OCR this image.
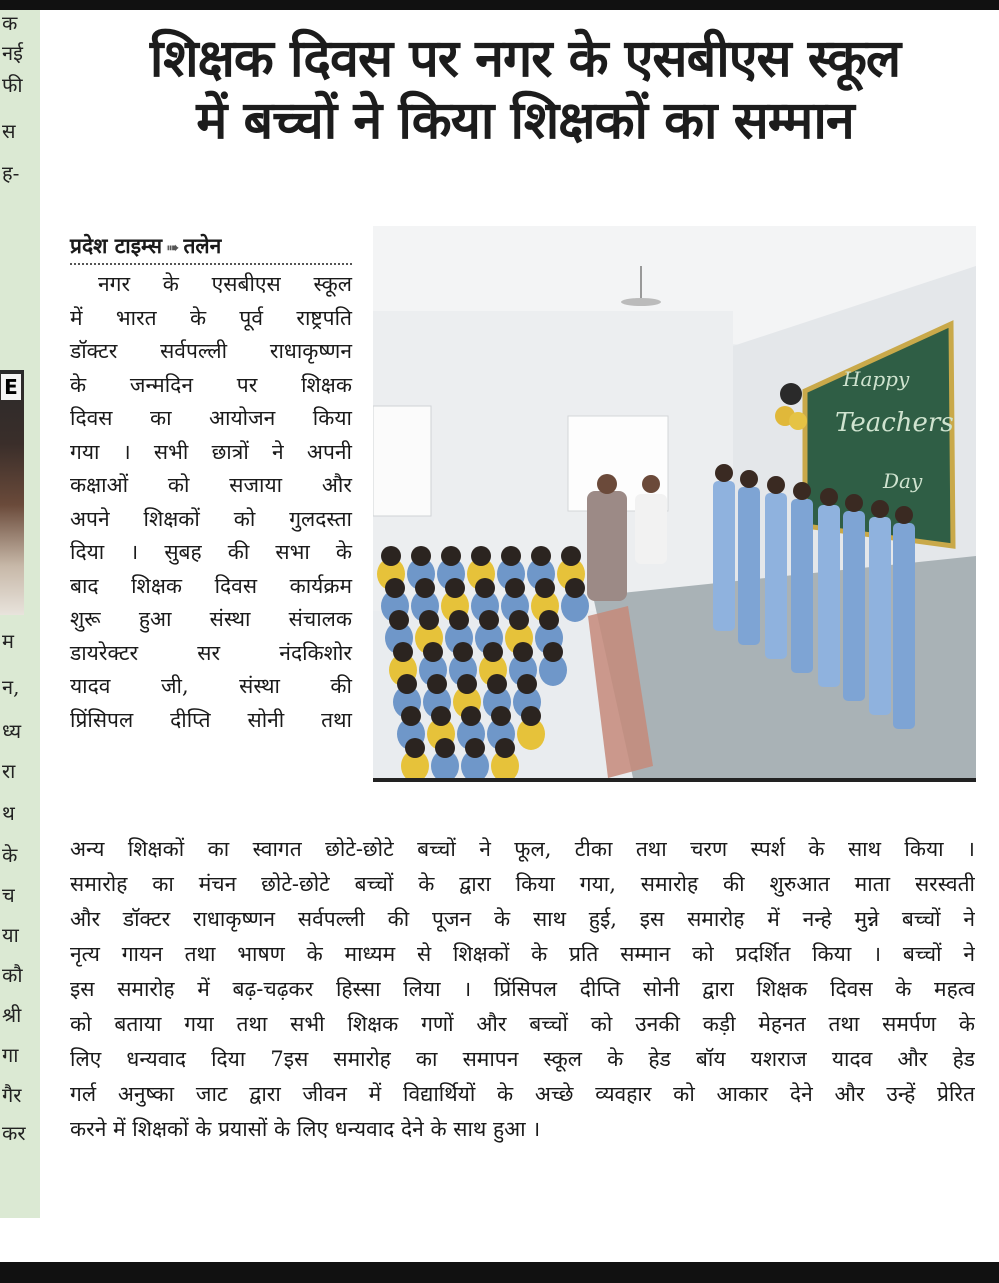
क
नई
फी
स
ह-
म
न,
ध्य
रा
थ
के
च
या
कौ
श्री
गा
गैर
कर
E
शिक्षक दिवस पर नगर के एसबीएस स्कूल
में बच्चों ने किया शिक्षकों का सम्मान
प्रदेश टाइम्स ➠ तलेन
नगर के एसबीएस स्कूल
में भारत के पूर्व राष्ट्रपति
डॉक्टर सर्वपल्ली राधाकृष्णन
के जन्मदिन पर शिक्षक
दिवस का आयोजन किया
गया । सभी छात्रों ने अपनी
कक्षाओं को सजाया और
अपने शिक्षकों को गुलदस्ता
दिया । सुबह की सभा के
बाद शिक्षक दिवस कार्यक्रम
शुरू हुआ संस्था संचालक
डायरेक्टर सर नंदकिशोर
यादव जी, संस्था की
प्रिंसिपल दीप्ति सोनी तथा
Happy
Teachers
Day
अन्य शिक्षकों का स्वागत छोटे-छोटे बच्चों ने फूल, टीका तथा चरण स्पर्श के साथ किया ।
समारोह का मंचन छोटे-छोटे बच्चों के द्वारा किया गया, समारोह की शुरुआत माता सरस्वती
और डॉक्टर राधाकृष्णन सर्वपल्ली की पूजन के साथ हुई, इस समारोह में नन्हे मुन्ने बच्चों ने
नृत्य गायन तथा भाषण के माध्यम से शिक्षकों के प्रति सम्मान को प्रदर्शित किया । बच्चों ने
इस समारोह में बढ़-चढ़कर हिस्सा लिया । प्रिंसिपल दीप्ति सोनी द्वारा शिक्षक दिवस के महत्व
को बताया गया तथा सभी शिक्षक गणों और बच्चों को उनकी कड़ी मेहनत तथा समर्पण के
लिए धन्यवाद दिया 7इस समारोह का समापन स्कूल के हेड बॉय यशराज यादव और हेड
गर्ल अनुष्का जाट द्वारा जीवन में विद्यार्थियों के अच्छे व्यवहार को आकार देने और उन्हें प्रेरित
करने में शिक्षकों के प्रयासों के लिए धन्यवाद देने के साथ हुआ ।
